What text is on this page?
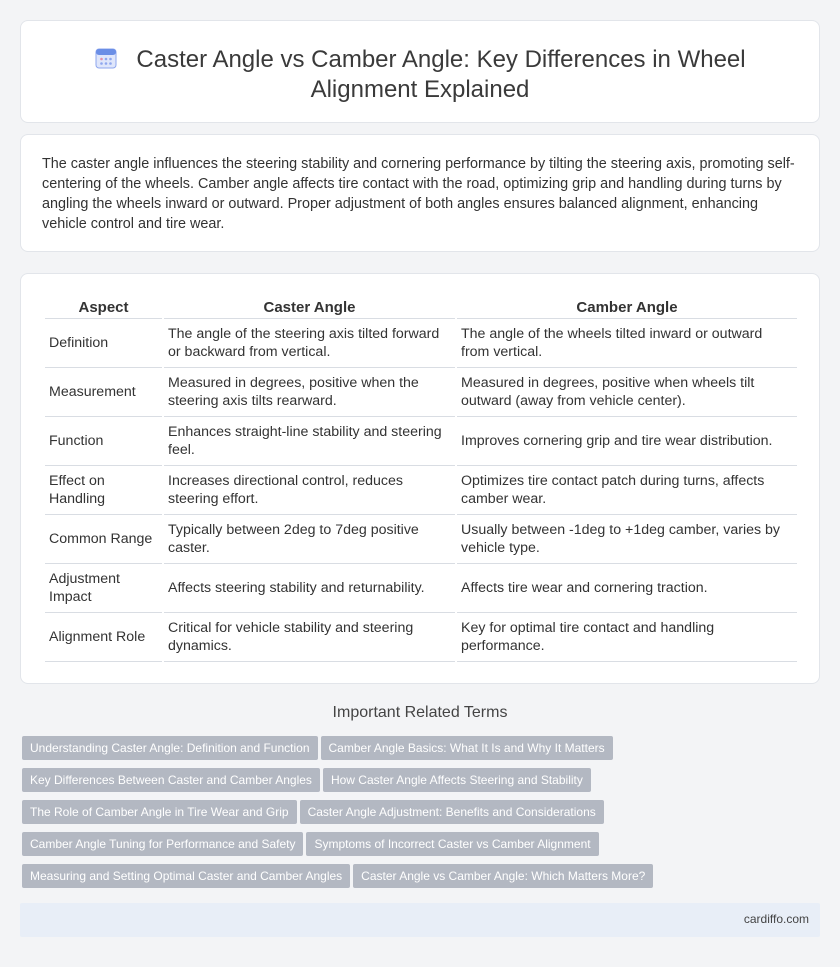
Caster Angle vs Camber Angle: Key Differences in Wheel
Alignment Explained

The caster angle influences the steering stability and cornering performance by tilting the steering axis, promoting self-centering of the wheels. Camber angle affects tire contact with the road, optimizing grip and handling during turns by angling the wheels inward or outward. Proper adjustment of both angles ensures balanced alignment, enhancing vehicle control and tire wear.

Aspect	Caster Angle	Camber Angle
Definition	The angle of the steering axis tilted forward or backward from vertical.	The angle of the wheels tilted inward or outward from vertical.
Measurement	Measured in degrees, positive when the steering axis tilts rearward.	Measured in degrees, positive when wheels tilt outward (away from vehicle center).
Function	Enhances straight-line stability and steering feel.	Improves cornering grip and tire wear distribution.
Effect on Handling	Increases directional control, reduces steering effort.	Optimizes tire contact patch during turns, affects camber wear.
Common Range	Typically between 2deg to 7deg positive caster.	Usually between -1deg to +1deg camber, varies by vehicle type.
Adjustment Impact	Affects steering stability and returnability.	Affects tire wear and cornering traction.
Alignment Role	Critical for vehicle stability and steering dynamics.	Key for optimal tire contact and handling performance.
Important Related Terms
Understanding Caster Angle: Definition and Function Camber Angle Basics: What It Is and Why It Matters
Key Differences Between Caster and Camber Angles How Caster Angle Affects Steering and Stability
The Role of Camber Angle in Tire Wear and Grip Caster Angle Adjustment: Benefits and Considerations
Camber Angle Tuning for Performance and Safety Symptoms of Incorrect Caster vs Camber Alignment
Measuring and Setting Optimal Caster and Camber Angles Caster Angle vs Camber Angle: Which Matters More?
cardiffo.com
